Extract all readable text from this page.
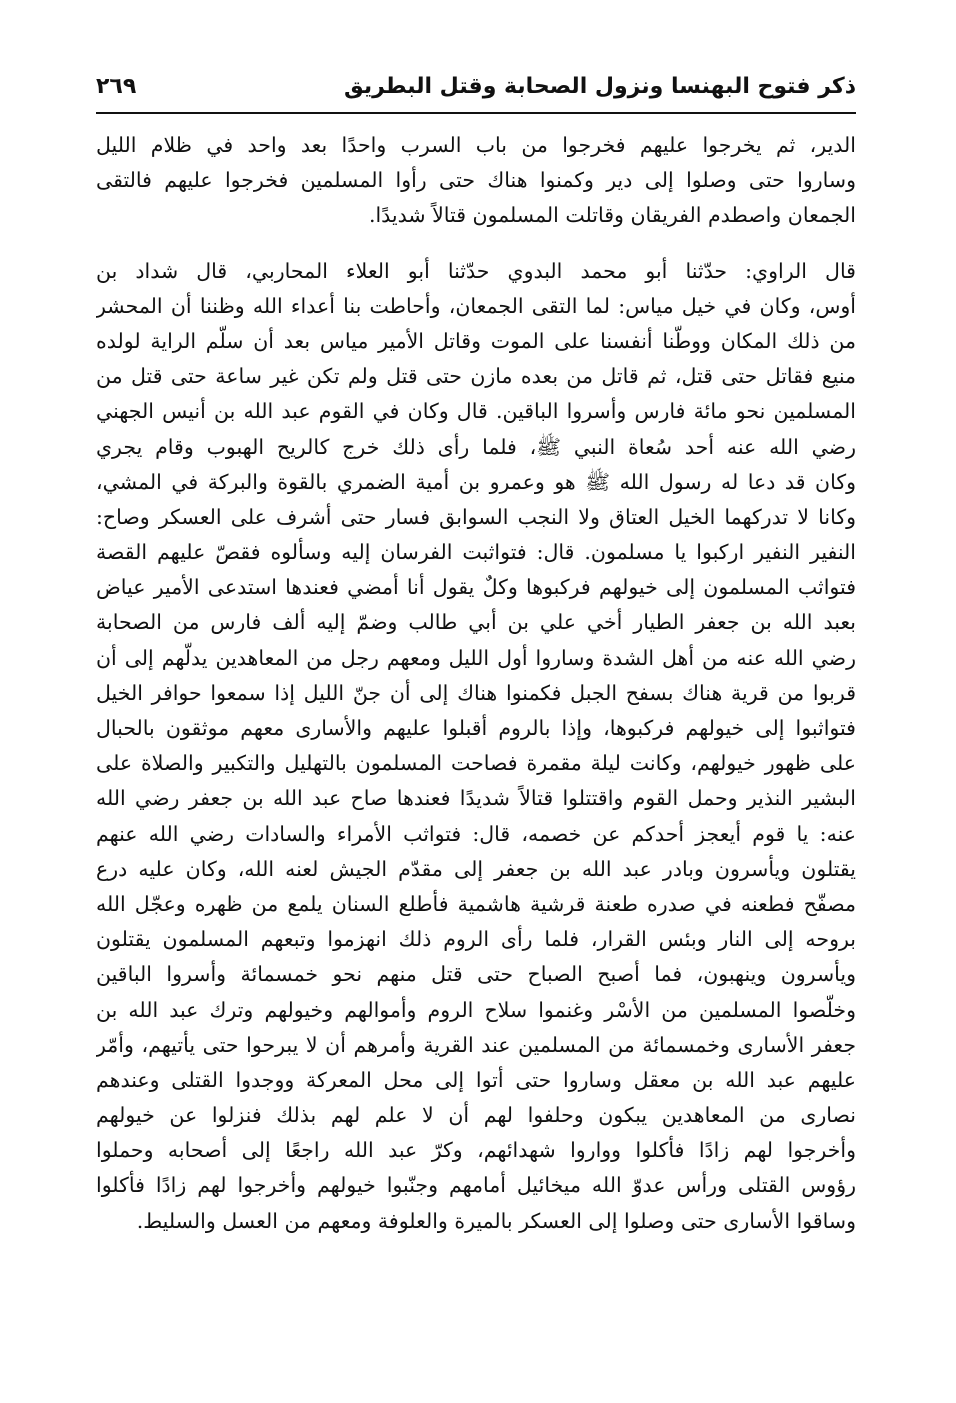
ذكر فتوح البهنسا ونزول الصحابة وقتل البطريق
٢٦٩
الدير، ثم يخرجوا عليهم فخرجوا من باب السرب واحدًا بعد واحد في ظلام الليل
وساروا حتى وصلوا إلى دير وكمنوا هناك حتى رأوا المسلمين فخرجوا عليهم فالتقى
الجمعان واصطدم الفريقان وقاتلت المسلمون قتالاً شديدًا.
قال الراوي: حدّثنا أبو محمد البدوي حدّثنا أبو العلاء المحاربي، قال شداد بن
أوس، وكان في خيل مياس: لما التقى الجمعان، وأحاطت بنا أعداء الله وظننا أن المحشر
من ذلك المكان ووطّنا أنفسنا على الموت وقاتل الأمير مياس بعد أن سلّم الراية لولده
منيع فقاتل حتى قتل، ثم قاتل من بعده مازن حتى قتل ولم تكن غير ساعة حتى قتل من
المسلمين نحو مائة فارس وأسروا الباقين. قال وكان في القوم عبد الله بن أنيس الجهني
رضي الله عنه أحد سُعاة النبي ﷺ، فلما رأى ذلك خرج كالريح الهبوب وقام يجري
وكان قد دعا له رسول الله ﷺ هو وعمرو بن أمية الضمري بالقوة والبركة في المشي،
وكانا لا تدركهما الخيل العتاق ولا النجب السوابق فسار حتى أشرف على العسكر وصاح:
النفير النفير اركبوا يا مسلمون. قال: فتواثبت الفرسان إليه وسألوه فقصّ عليهم القصة
فتواثب المسلمون إلى خيولهم فركبوها وكلٌ يقول أنا أمضي فعندها استدعى الأمير عياض
بعبد الله بن جعفر الطيار أخي علي بن أبي طالب وضمّ إليه ألف فارس من الصحابة
رضي الله عنه من أهل الشدة وساروا أول الليل ومعهم رجل من المعاهدين يدلّهم إلى أن
قربوا من قرية هناك بسفح الجبل فكمنوا هناك إلى أن جنّ الليل إذا سمعوا حوافر الخيل
فتواثبوا إلى خيولهم فركبوها، وإذا بالروم أقبلوا عليهم والأسارى معهم موثقون بالحبال
على ظهور خيولهم، وكانت ليلة مقمرة فصاحت المسلمون بالتهليل والتكبير والصلاة على
البشير النذير وحمل القوم واقتتلوا قتالاً شديدًا فعندها صاح عبد الله بن جعفر رضي الله
عنه: يا قوم أيعجز أحدكم عن خصمه، قال: فتواثب الأمراء والسادات رضي الله عنهم
يقتلون ويأسرون وبادر عبد الله بن جعفر إلى مقدّم الجيش لعنه الله، وكان عليه درع
مصفّح فطعنه في صدره طعنة قرشية هاشمية فأطلع السنان يلمع من ظهره وعجّل الله
بروحه إلى النار وبئس القرار، فلما رأى الروم ذلك انهزموا وتبعهم المسلمون يقتلون
ويأسرون وينهبون، فما أصبح الصباح حتى قتل منهم نحو خمسمائة وأسروا الباقين
وخلّصوا المسلمين من الأسْر وغنموا سلاح الروم وأموالهم وخيولهم وترك عبد الله بن
جعفر الأسارى وخمسمائة من المسلمين عند القرية وأمرهم أن لا يبرحوا حتى يأتيهم، وأمّر
عليهم عبد الله بن معقل وساروا حتى أتوا إلى محل المعركة ووجدوا القتلى وعندهم
نصارى من المعاهدين يبكون وحلفوا لهم أن لا علم لهم بذلك فنزلوا عن خيولهم
وأخرجوا لهم زادًا فأكلوا وواروا شهدائهم، وكرّ عبد الله راجعًا إلى أصحابه وحملوا
رؤوس القتلى ورأس عدوّ الله ميخائيل أمامهم وجنّبوا خيولهم وأخرجوا لهم زادًا فأكلوا
وساقوا الأسارى حتى وصلوا إلى العسكر بالميرة والعلوفة ومعهم من العسل والسليط.
